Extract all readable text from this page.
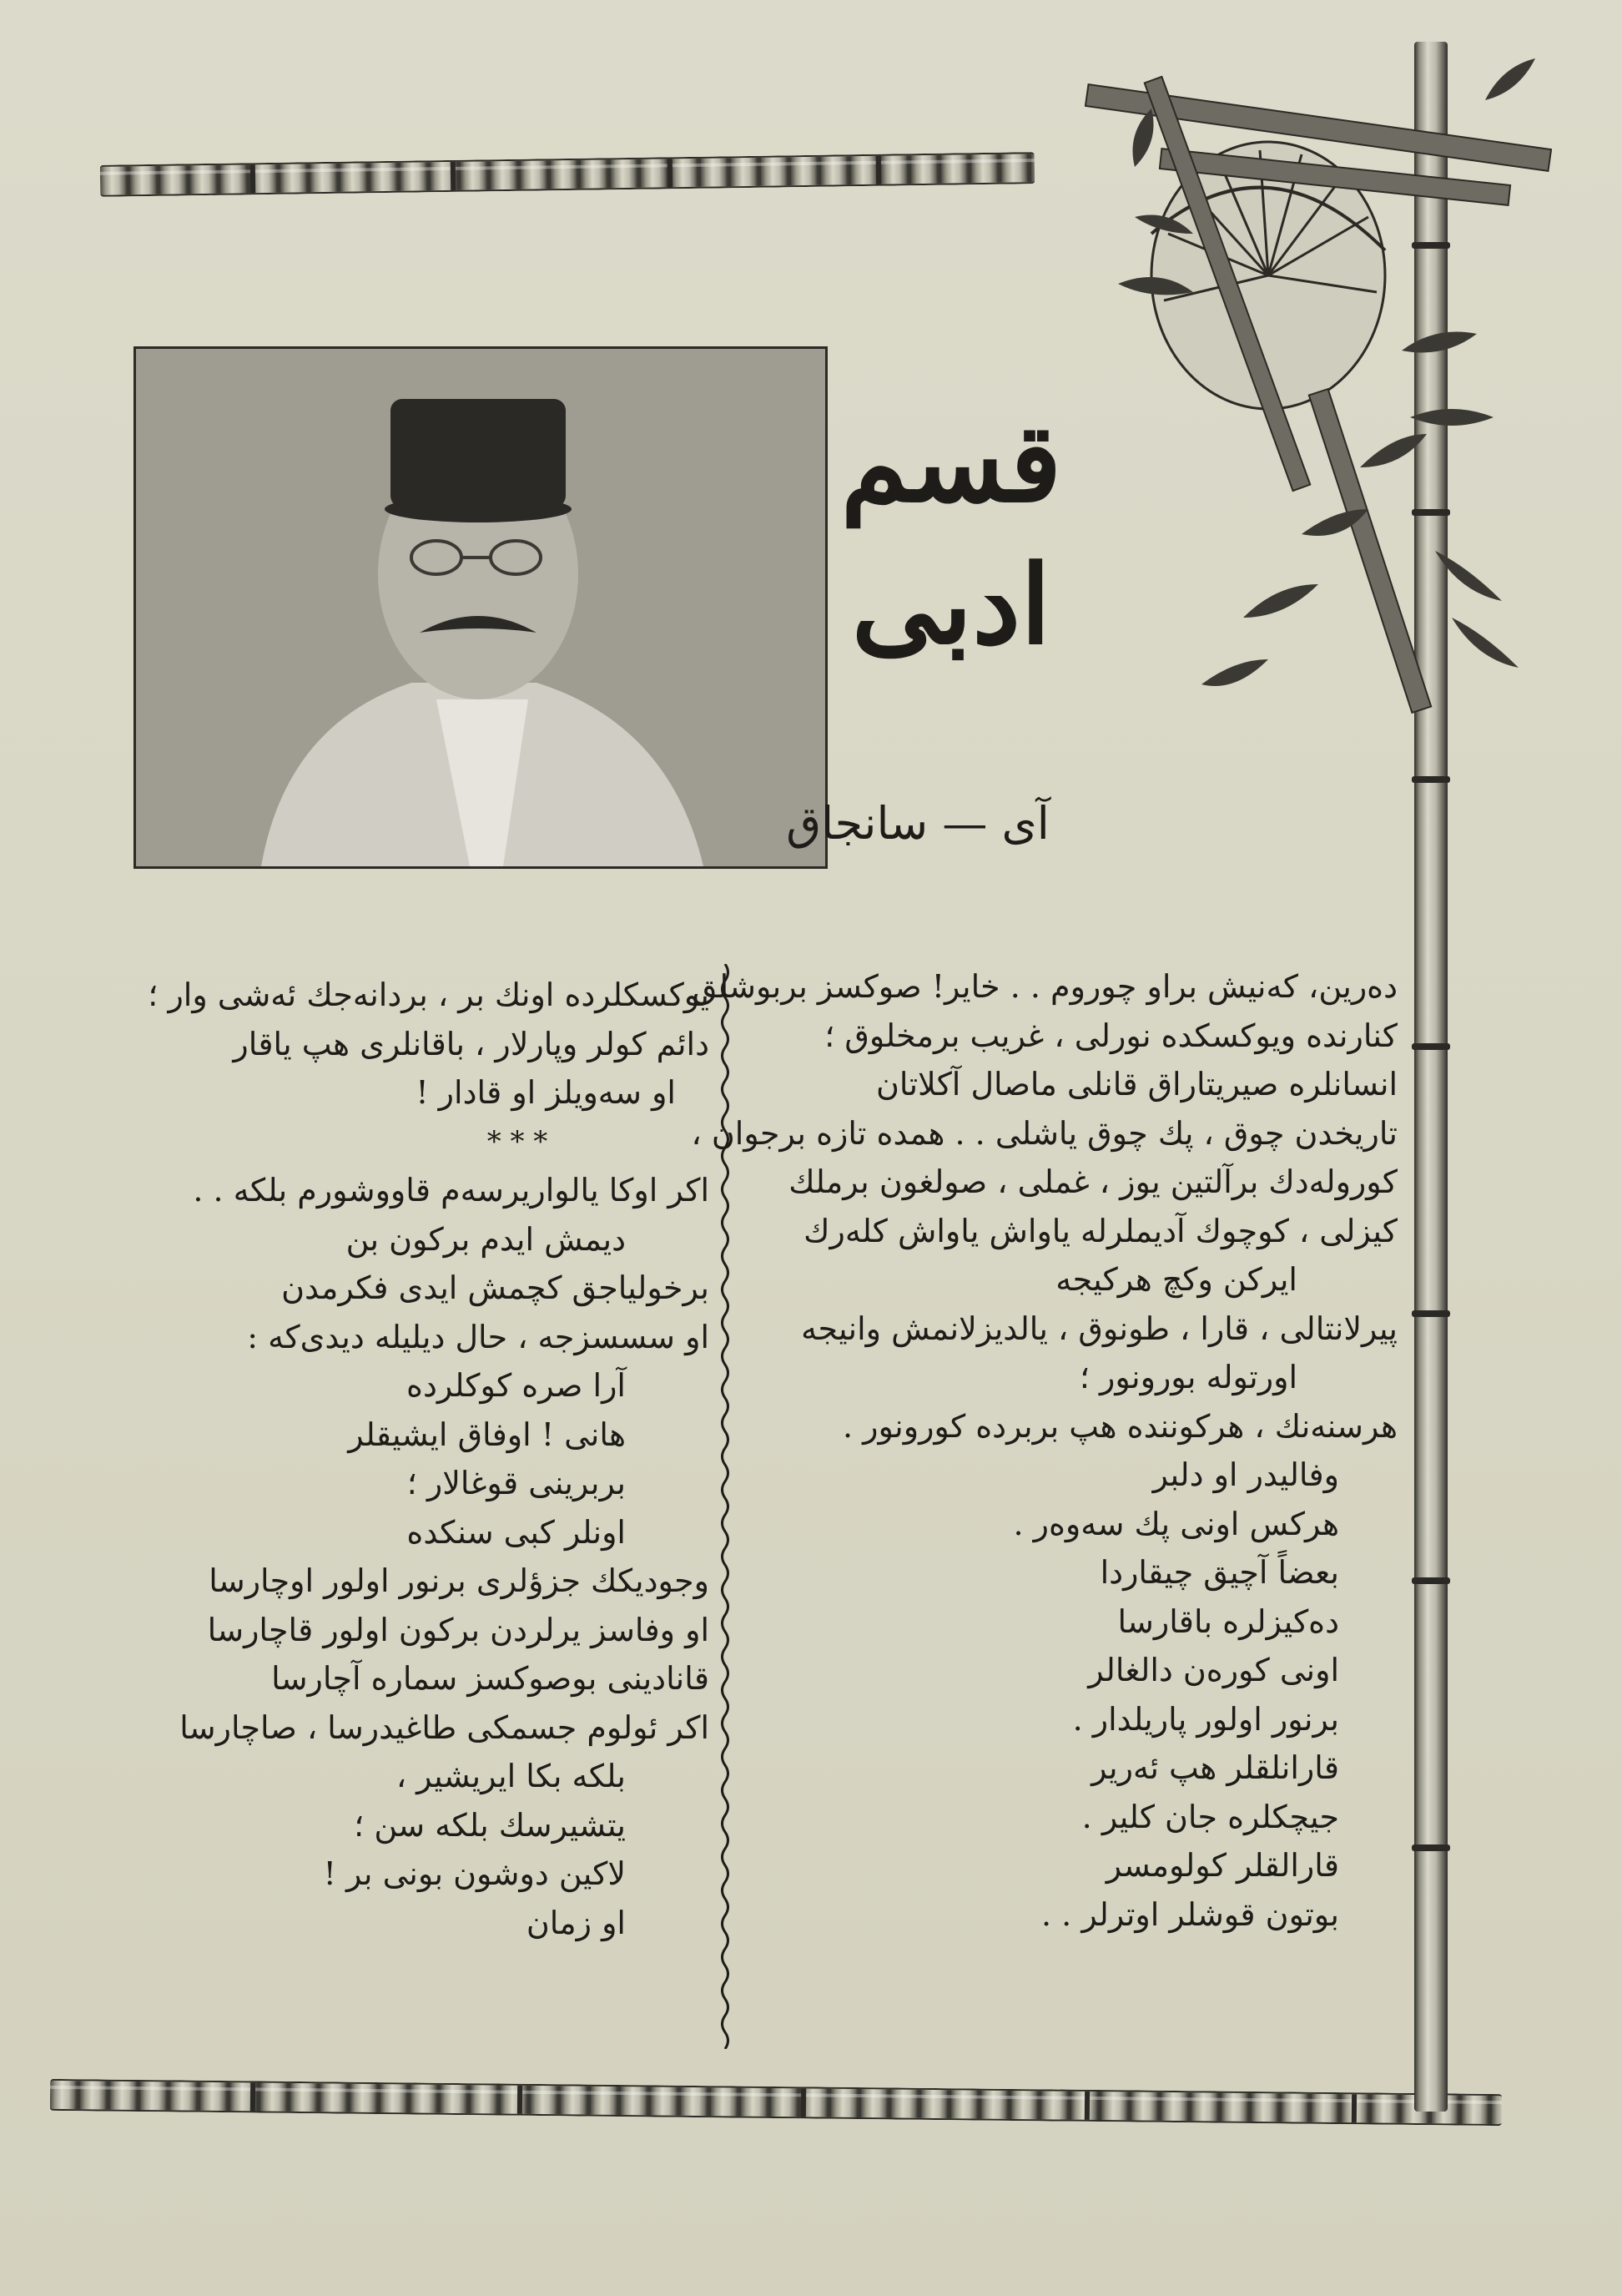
قسم ادبی
آی — سانجاق

ده‌رین، که‌نیش براو چوروم . . خایر! صوکسز بربوشلق

کنارنده ویوکسکده نورلی ، غریب برمخلوق ؛

انسانلره صیریتاراق قانلی ماصال آکلاتان

تاریخدن چوق ، پك چوق یاشلی . . همده تازه برجوان ،

کوروله‌دك برآلتین یوز ، غملی ، صولغون برملك

کیزلی ، کوچوك آدیملرله یاواش یاواش کله‌رك

ایرکن وکچ هرکیجه

پیرلانتالی ، قارا ، طونوق ، یالدیزلانمش وانیجه

اورتوله بورونور ؛

هرسنه‌نك ، هرکوننده هپ بربرده کورونور .

وفالیدر او دلبر

هرکس اونی پك سه‌وه‌ر .

بعضاً آچیق چیقاردا

ده‌کیزلره باقارسا

اونی کوره‌ن دالغالر

برنور اولور پاریلدار .

قارانلقلر هپ ئه‌ریر

جیچکلره جان کلیر .

قارالقلر کولومسر

بوتون قوشلر اوترلر . .

یوکسکلرده اونك بر ، بردانه‌جك ئه‌شی وار ؛

دائم کولر وپارلار ، باقانلری هپ یاقار

او سه‌ویلز او قادار !

* * *

اکر اوکا یالواریرسه‌م قاووشورم بلکه . .

دیمش ایدم برکون بن

برخولیاجق کچمش ایدی فکرمدن

او سسسزجه ، حال دیلیله دیدی‌که :

آرا صره کوکلرده

هانی ! اوفاق ایشیقلر

بربرینی قوغالار ؛

اونلر کبی سنکده

وجودیکك جزؤلری برنور اولور اوچارسا

او وفاسز یرلردن برکون اولور قاچارسا

قانادینی بوصوکسز سماره آچارسا

اکر ئولوم جسمکی طاغیدرسا ، صاچارسا

بلکه بکا ایریشیر ،

یتشیرسك بلکه سن ؛

لاکین دوشون بونی بر !

او زمان
